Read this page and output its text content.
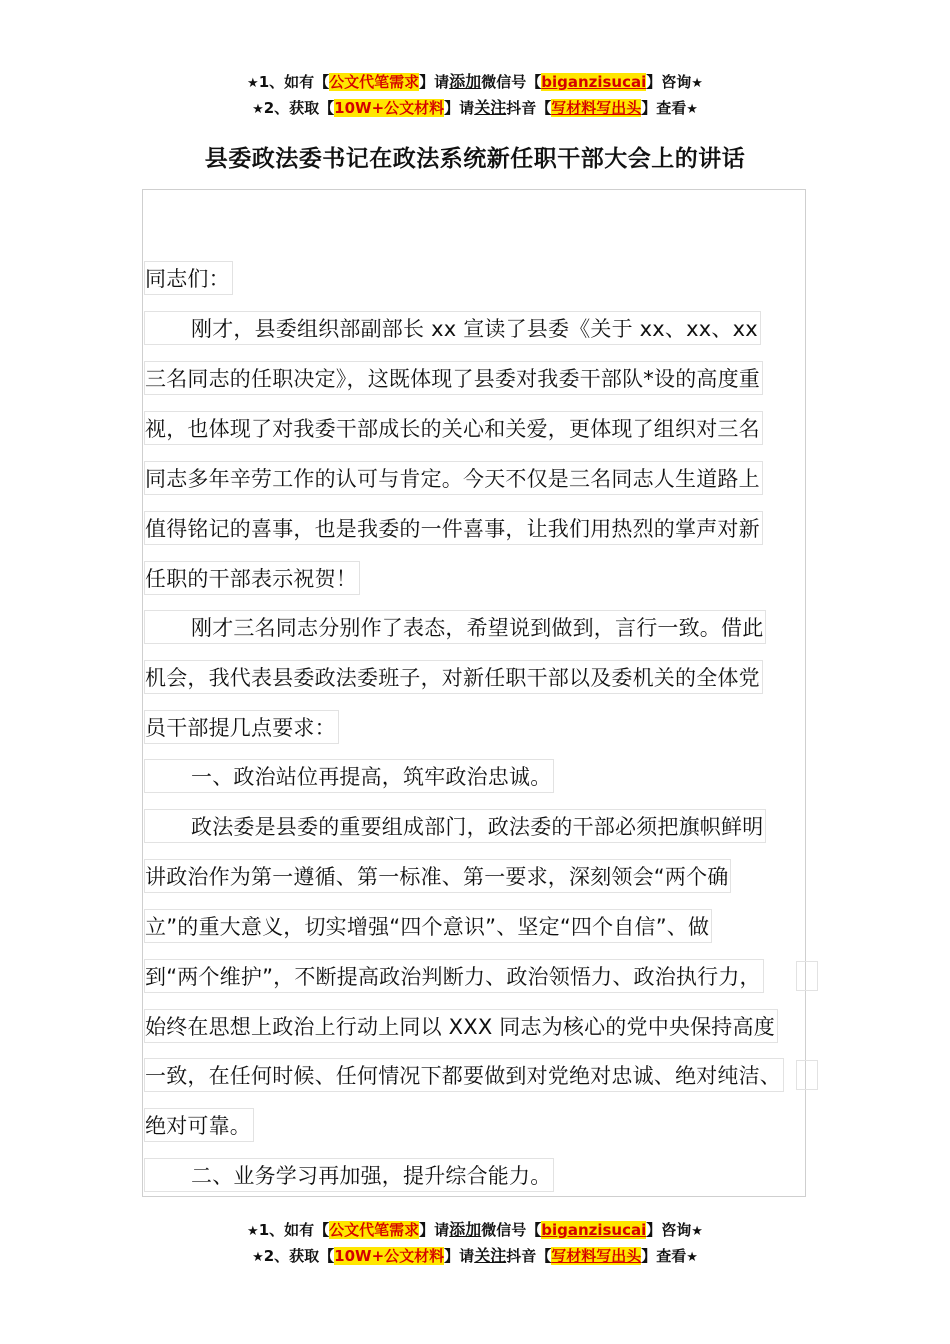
★1、如有【公文代笔需求】请添加微信号【biganzisucai】咨询★
★2、获取【10W+公文材料】请关注抖音【写材料写出头】查看★
县委政法委书记在政法系统新任职干部大会上的讲话
同志们：
刚才，县委组织部副部长 xx 宣读了县委《关于 xx、xx、xx
三名同志的任职决定》，这既体现了县委对我委干部队*设的高度重
视，也体现了对我委干部成长的关心和关爱，更体现了组织对三名
同志多年辛劳工作的认可与肯定。今天不仅是三名同志人生道路上
值得铭记的喜事，也是我委的一件喜事，让我们用热烈的掌声对新
任职的干部表示祝贺！
刚才三名同志分别作了表态，希望说到做到，言行一致。借此
机会，我代表县委政法委班子，对新任职干部以及委机关的全体党
员干部提几点要求：
一、政治站位再提高，筑牢政治忠诚。
政法委是县委的重要组成部门，政法委的干部必须把旗帜鲜明
讲政治作为第一遵循、第一标准、第一要求，深刻领会“两个确
立”的重大意义，切实增强“四个意识”、坚定“四个自信”、做
到“两个维护”，不断提高政治判断力、政治领悟力、政治执行力，
始终在思想上政治上行动上同以 XXX 同志为核心的党中央保持高度
一致，在任何时候、任何情况下都要做到对党绝对忠诚、绝对纯洁、
绝对可靠。
二、业务学习再加强，提升综合能力。
★1、如有【公文代笔需求】请添加微信号【biganzisucai】咨询★
★2、获取【10W+公文材料】请关注抖音【写材料写出头】查看★
